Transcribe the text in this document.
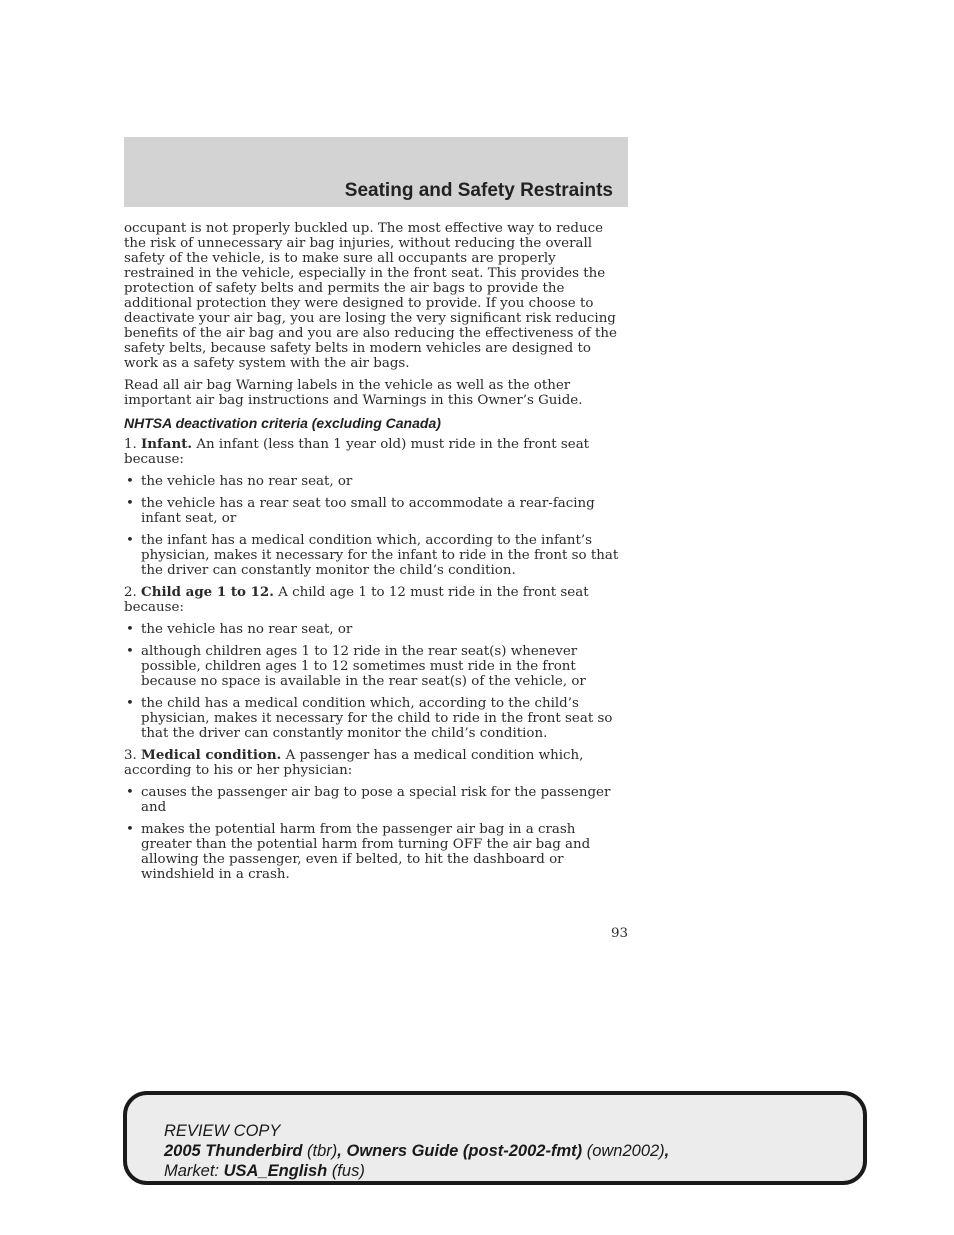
Seating and Safety Restraints

occupant is not properly buckled up. The most effective way to reduce the risk of unnecessary air bag injuries, without reducing the overall safety of the vehicle, is to make sure all occupants are properly restrained in the vehicle, especially in the front seat. This provides the protection of safety belts and permits the air bags to provide the additional protection they were designed to provide. If you choose to deactivate your air bag, you are losing the very significant risk reducing benefits of the air bag and you are also reducing the effectiveness of the safety belts, because safety belts in modern vehicles are designed to work as a safety system with the air bags.

Read all air bag Warning labels in the vehicle as well as the other important air bag instructions and Warnings in this Owner’s Guide.

NHTSA deactivation criteria (excluding Canada)
1. Infant. An infant (less than 1 year old) must ride in the front seat because:
• the vehicle has no rear seat, or
• the vehicle has a rear seat too small to accommodate a rear-facing infant seat, or
• the infant has a medical condition which, according to the infant’s physician, makes it necessary for the infant to ride in the front so that the driver can constantly monitor the child’s condition.
2. Child age 1 to 12. A child age 1 to 12 must ride in the front seat because:
• the vehicle has no rear seat, or
• although children ages 1 to 12 ride in the rear seat(s) whenever possible, children ages 1 to 12 sometimes must ride in the front because no space is available in the rear seat(s) of the vehicle, or
• the child has a medical condition which, according to the child’s physician, makes it necessary for the child to ride in the front seat so that the driver can constantly monitor the child’s condition.
3. Medical condition. A passenger has a medical condition which, according to his or her physician:
• causes the passenger air bag to pose a special risk for the passenger and
• makes the potential harm from the passenger air bag in a crash greater than the potential harm from turning OFF the air bag and allowing the passenger, even if belted, to hit the dashboard or windshield in a crash.
93
REVIEW COPY
2005 Thunderbird (tbr), Owners Guide (post-2002-fmt) (own2002),
Market: USA_English (fus)
